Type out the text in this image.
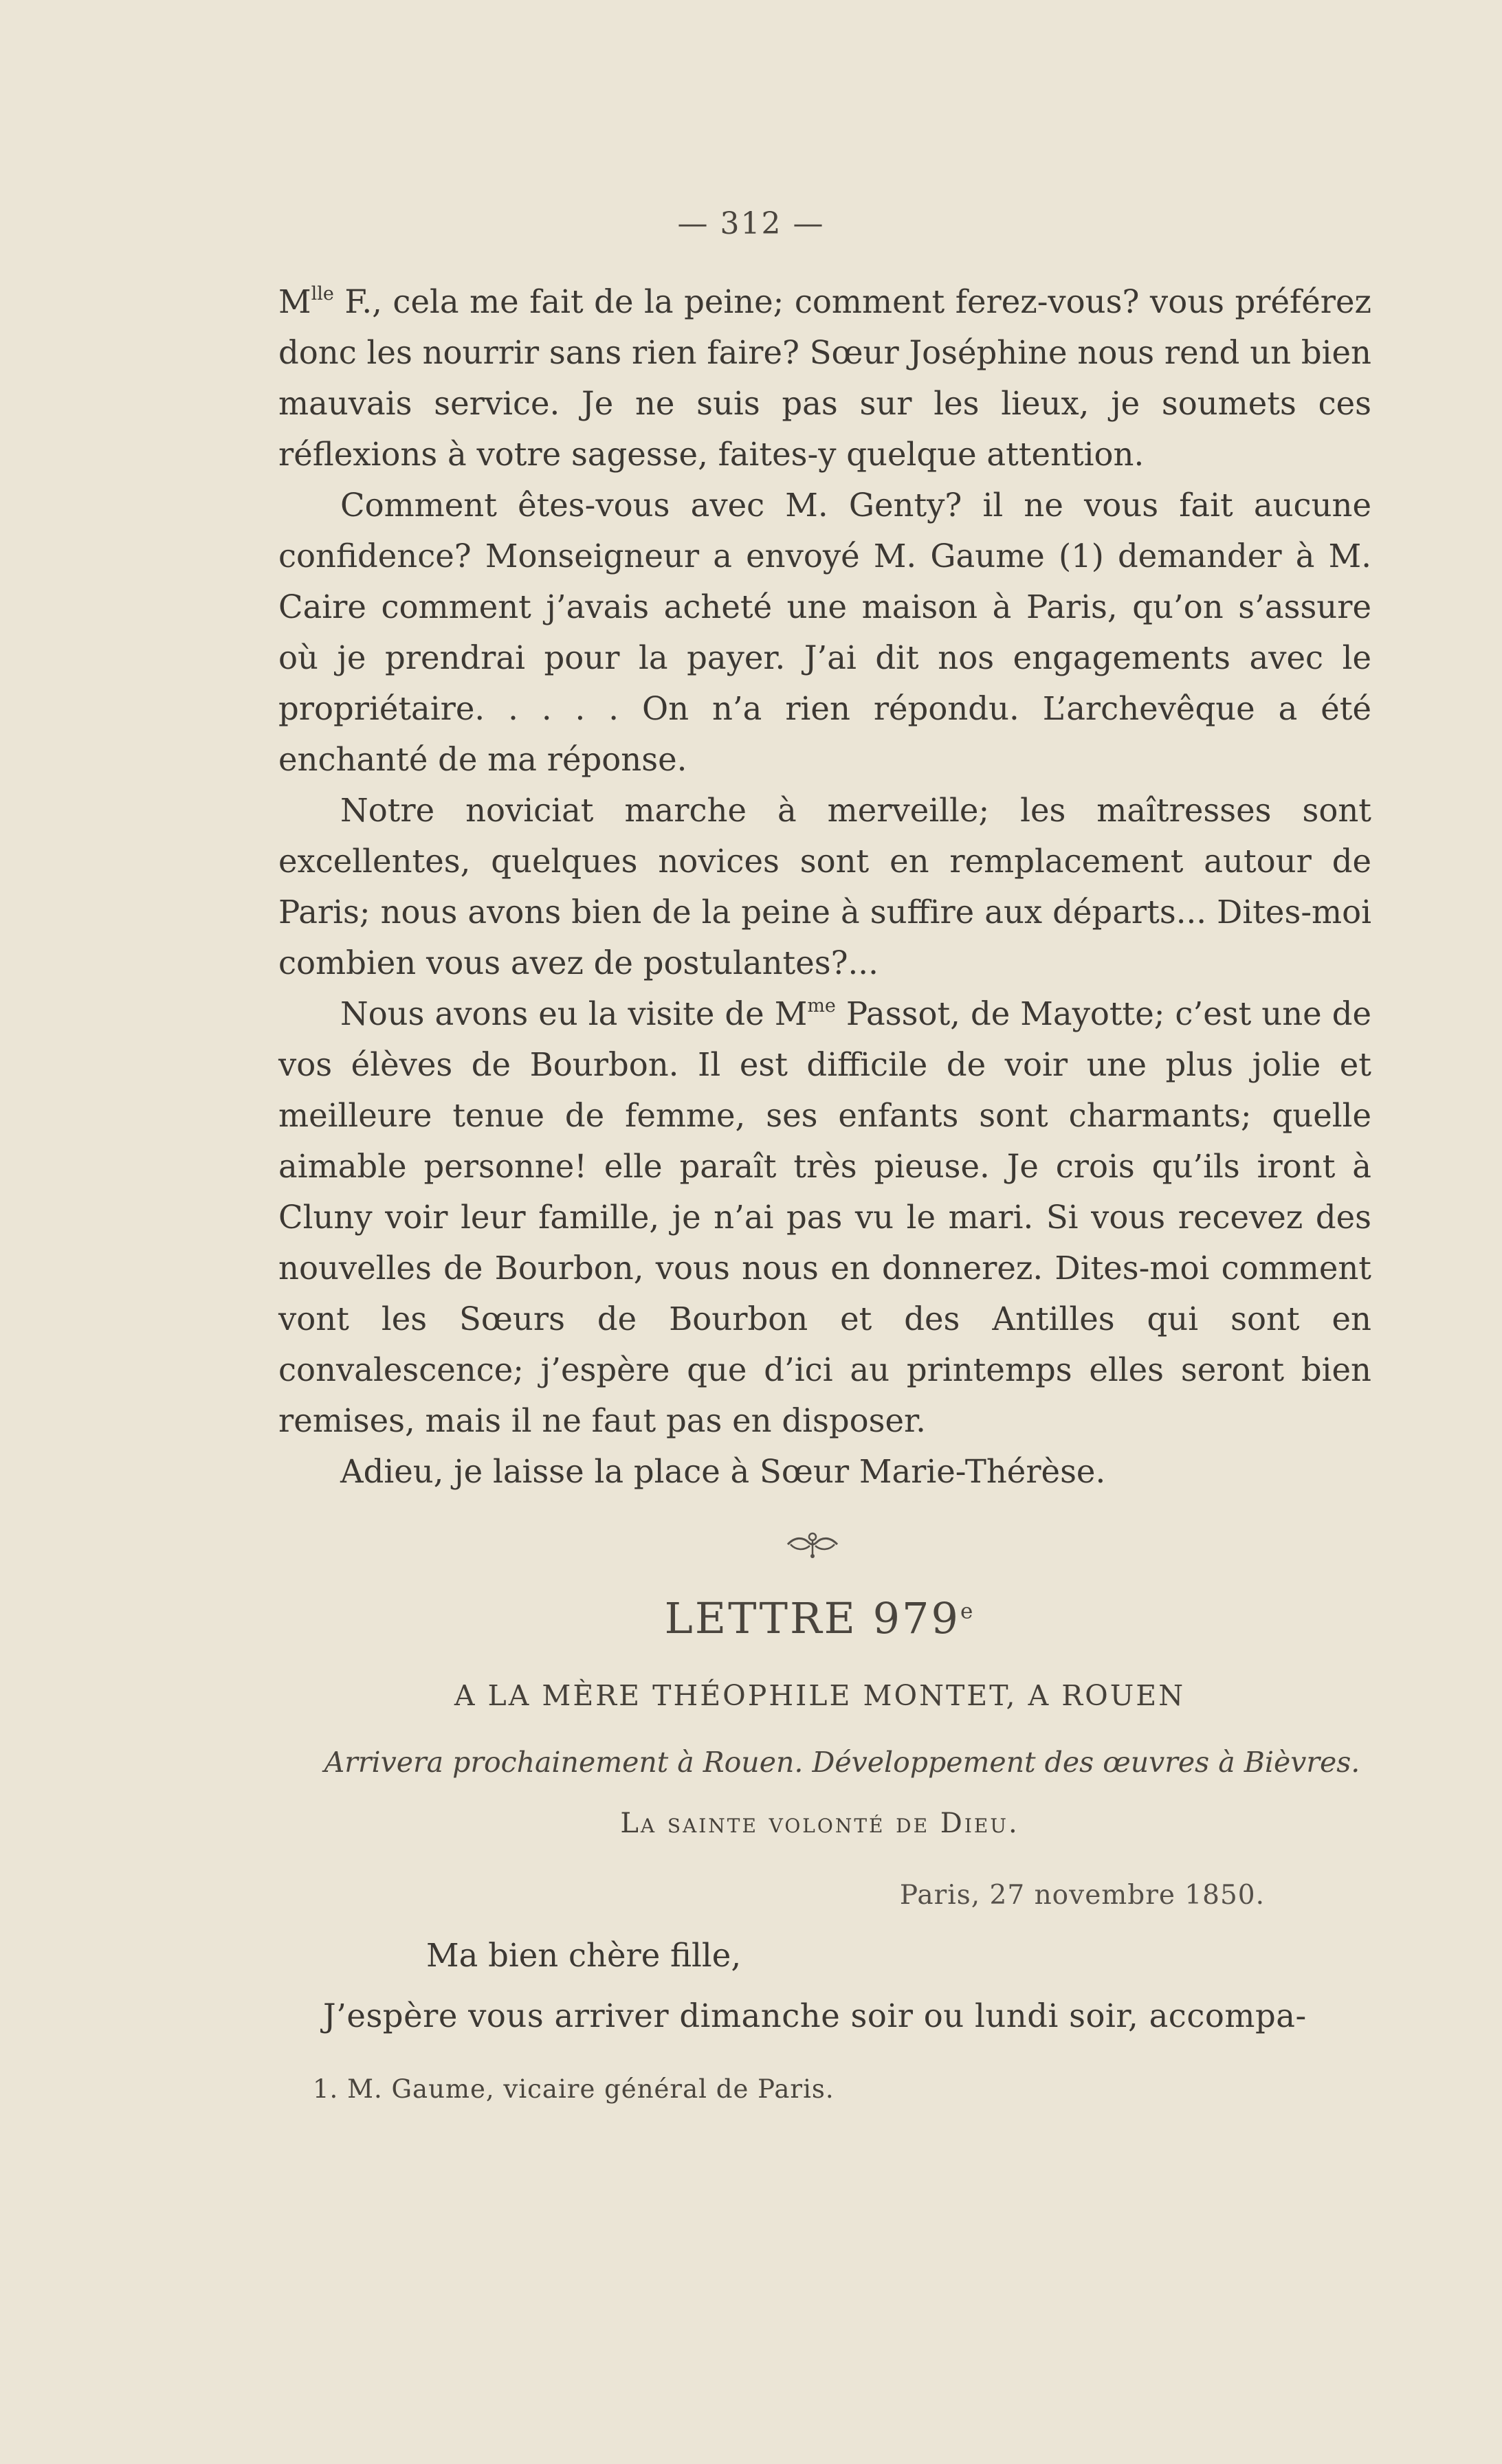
— 312 —

$M^{lle}$ F., cela me fait de la peine; comment ferez-vous? vous préférez donc les nourrir sans rien faire? Sœur Joséphine nous rend un bien mauvais service. Je ne suis pas sur les lieux, je soumets ces réflexions à votre sagesse, faites-y quelque attention.

Comment êtes-vous avec M. Genty? il ne vous fait aucune confidence? Monseigneur a envoyé M. Gaume (1) demander à M. Caire comment j’avais acheté une maison à Paris, qu’on s’assure où je prendrai pour la payer. J’ai dit nos engagements avec le propriétaire. . . . . On n’a rien répondu. L’archevêque a été enchanté de ma réponse.

Notre noviciat marche à merveille; les maîtresses sont excellentes, quelques novices sont en remplacement autour de Paris; nous avons bien de la peine à suffire aux départs... Dites-moi combien vous avez de postulantes?...

Nous avons eu la visite de $M^{me}$ Passot, de Mayotte; c’est une de vos élèves de Bourbon. Il est difficile de voir une plus jolie et meilleure tenue de femme, ses enfants sont charmants; quelle aimable personne! elle paraît très pieuse. Je crois qu’ils iront à Cluny voir leur famille, je n’ai pas vu le mari. Si vous recevez des nouvelles de Bourbon, vous nous en donnerez. Dites-moi comment vont les Sœurs de Bourbon et des Antilles qui sont en convalescence; j’espère que d’ici au printemps elles seront bien remises, mais il ne faut pas en disposer.

Adieu, je laisse la place à Sœur Marie-Thérèse.

LETTRE 979e
A LA MÈRE THÉOPHILE MONTET, A ROUEN
Arrivera prochainement à Rouen. Développement des œuvres à Bièvres.
La sainte volonté de Dieu.
Paris, 27 novembre 1850.
Ma bien chère fille,
J’espère vous arriver dimanche soir ou lundi soir, accompa-
1. M. Gaume, vicaire général de Paris.
